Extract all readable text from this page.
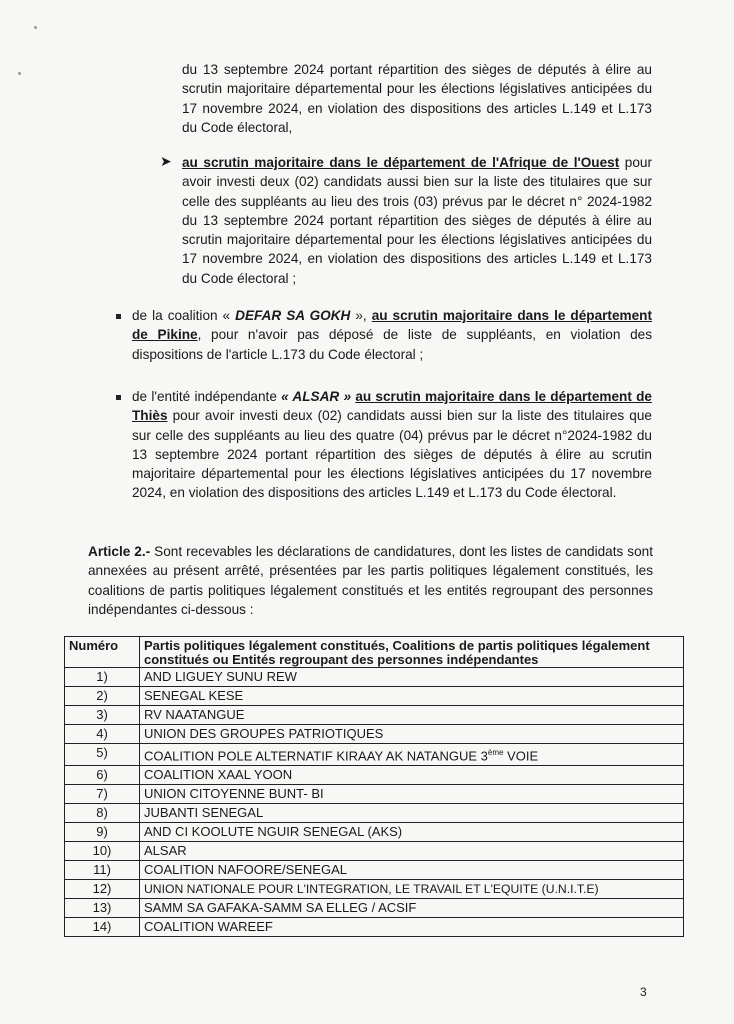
du 13 septembre 2024 portant répartition des sièges de députés à élire au scrutin majoritaire départemental pour les élections législatives anticipées du 17 novembre 2024, en violation des dispositions des articles L.149 et L.173 du Code électoral,

➤ au scrutin majoritaire dans le département de l'Afrique de l'Ouest pour avoir investi deux (02) candidats aussi bien sur la liste des titulaires que sur celle des suppléants au lieu des trois (03) prévus par le décret n° 2024-1982 du 13 septembre 2024 portant répartition des sièges de députés à élire au scrutin majoritaire départemental pour les élections législatives anticipées du 17 novembre 2024, en violation des dispositions des articles L.149 et L.173 du Code électoral ;

de la coalition « DEFAR SA GOKH », au scrutin majoritaire dans le département de Pikine, pour n'avoir pas déposé de liste de suppléants, en violation des dispositions de l'article L.173 du Code électoral ;

de l'entité indépendante « ALSAR » au scrutin majoritaire dans le département de Thiès pour avoir investi deux (02) candidats aussi bien sur la liste des titulaires que sur celle des suppléants au lieu des quatre (04) prévus par le décret n°2024-1982 du 13 septembre 2024 portant répartition des sièges de députés à élire au scrutin majoritaire départemental pour les élections législatives anticipées du 17 novembre 2024, en violation des dispositions des articles L.149 et L.173 du Code électoral.

Article 2.- Sont recevables les déclarations de candidatures, dont les listes de candidats sont annexées au présent arrêté, présentées par les partis politiques légalement constitués, les coalitions de partis politiques légalement constitués et les entités regroupant des personnes indépendantes ci-dessous :

Numéro	Partis politiques légalement constitués, Coalitions de partis politiques légalement constitués ou Entités regroupant des personnes indépendantes
1)	AND LIGUEY SUNU REW
2)	SENEGAL KESE
3)	RV NAATANGUE
4)	UNION DES GROUPES PATRIOTIQUES
5)	COALITION POLE ALTERNATIF KIRAAY AK NATANGUE 3ème VOIE
6)	COALITION XAAL YOON
7)	UNION CITOYENNE BUNT- BI
8)	JUBANTI SENEGAL
9)	AND CI KOOLUTE NGUIR SENEGAL (AKS)
10)	ALSAR
11)	COALITION NAFOORE/SENEGAL
12)	UNION NATIONALE POUR L'INTEGRATION, LE TRAVAIL ET L'EQUITE (U.N.I.T.E)
13)	SAMM SA GAFAKA-SAMM SA ELLEG / ACSIF
14)	COALITION WAREEF
3
